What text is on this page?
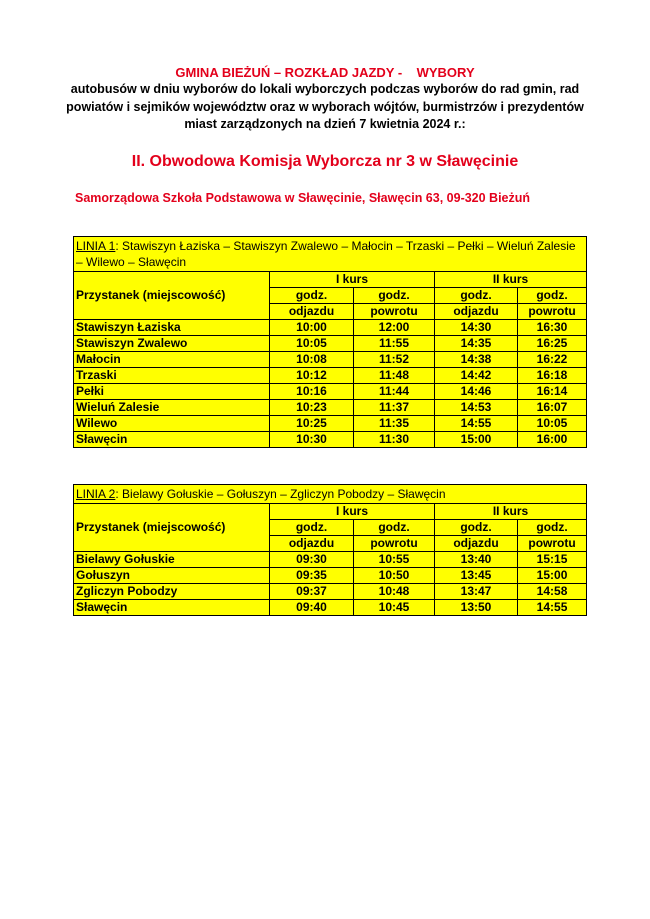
GMINA BIEŻUŃ – ROZKŁAD JAZDY -    WYBORY
autobusów w dniu wyborów do lokali wyborczych podczas wyborów do rad gmin, rad
powiatów i sejmików województw oraz w wyborach wójtów, burmistrzów i prezydentów
miast zarządzonych na dzień 7 kwietnia 2024 r.:
II. Obwodowa Komisja Wyborcza nr 3 w Sławęcinie
Samorządowa Szkoła Podstawowa w Sławęcinie, Sławęcin 63, 09-320 Bieżuń
LINIA 1: Stawiszyn Łaziska – Stawiszyn Zwalewo – Małocin – Trzaski – Pełki – Wieluń Zalesie – Wilewo – Sławęcin				
Przystanek (miejscowość)	I kurs		II kurs	
	godz.	godz.	godz.	godz.
	odjazdu	powrotu	odjazdu	powrotu
Stawiszyn Łaziska	10:00	12:00	14:30	16:30
Stawiszyn Zwalewo	10:05	11:55	14:35	16:25
Małocin	10:08	11:52	14:38	16:22
Trzaski	10:12	11:48	14:42	16:18
Pełki	10:16	11:44	14:46	16:14
Wieluń Zalesie	10:23	11:37	14:53	16:07
Wilewo	10:25	11:35	14:55	10:05
Sławęcin	10:30	11:30	15:00	16:00
LINIA 2: Bielawy Gołuskie – Gołuszyn – Zgliczyn Pobodzy – Sławęcin				
Przystanek (miejscowość)	I kurs		II kurs	
	godz.	godz.	godz.	godz.
	odjazdu	powrotu	odjazdu	powrotu
Bielawy Gołuskie	09:30	10:55	13:40	15:15
Gołuszyn	09:35	10:50	13:45	15:00
Zgliczyn Pobodzy	09:37	10:48	13:47	14:58
Sławęcin	09:40	10:45	13:50	14:55
